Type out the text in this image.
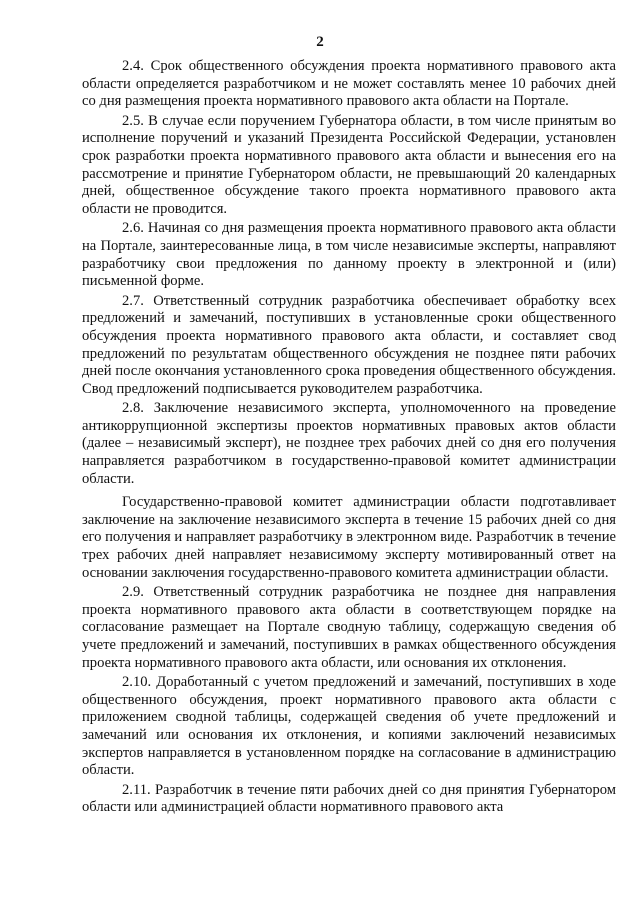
2

2.4. Срок общественного обсуждения проекта нормативного правового акта области определяется разработчиком и не может составлять менее 10 рабочих дней со дня размещения проекта нормативного правового акта области на Портале.

2.5. В случае если поручением Губернатора области, в том числе принятым во исполнение поручений и указаний Президента Российской Федерации, установлен срок разработки проекта нормативного правового акта области и вынесения его на рассмотрение и принятие Губернатором области, не превышающий 20 календарных дней, общественное обсуждение такого проекта нормативного правового акта области не проводится.

2.6. Начиная со дня размещения проекта нормативного правового акта области на Портале, заинтересованные лица, в том числе независимые эксперты, направляют разработчику свои предложения по данному проекту в электронной и (или) письменной форме.

2.7. Ответственный сотрудник разработчика обеспечивает обработку всех предложений и замечаний, поступивших в установленные сроки общественного обсуждения проекта нормативного правового акта области, и составляет свод предложений по результатам общественного обсуждения не позднее пяти рабочих дней после окончания установленного срока проведения общественного обсуждения. Свод предложений подписывается руководителем разработчика.

2.8. Заключение независимого эксперта, уполномоченного на проведение антикоррупционной экспертизы проектов нормативных правовых актов области (далее – независимый эксперт), не позднее трех рабочих дней со дня его получения направляется разработчиком в государственно-правовой комитет администрации области.

Государственно-правовой комитет администрации области подготавливает заключение на заключение независимого эксперта в течение 15 рабочих дней со дня его получения и направляет разработчику в электронном виде. Разработчик в течение трех рабочих дней направляет независимому эксперту мотивированный ответ на основании заключения государственно-правового комитета администрации области.

2.9. Ответственный сотрудник разработчика не позднее дня направления проекта нормативного правового акта области в соответствующем порядке на согласование размещает на Портале сводную таблицу, содержащую сведения об учете предложений и замечаний, поступивших в рамках общественного обсуждения проекта нормативного правового акта области, или основания их отклонения.

2.10. Доработанный с учетом предложений и замечаний, поступивших в ходе общественного обсуждения, проект нормативного правового акта области с приложением сводной таблицы, содержащей сведения об учете предложений и замечаний или основания их отклонения, и копиями заключений независимых экспертов направляется в установленном порядке на согласование в администрацию области.

2.11. Разработчик в течение пяти рабочих дней со дня принятия Губернатором области или администрацией области нормативного правового акта
